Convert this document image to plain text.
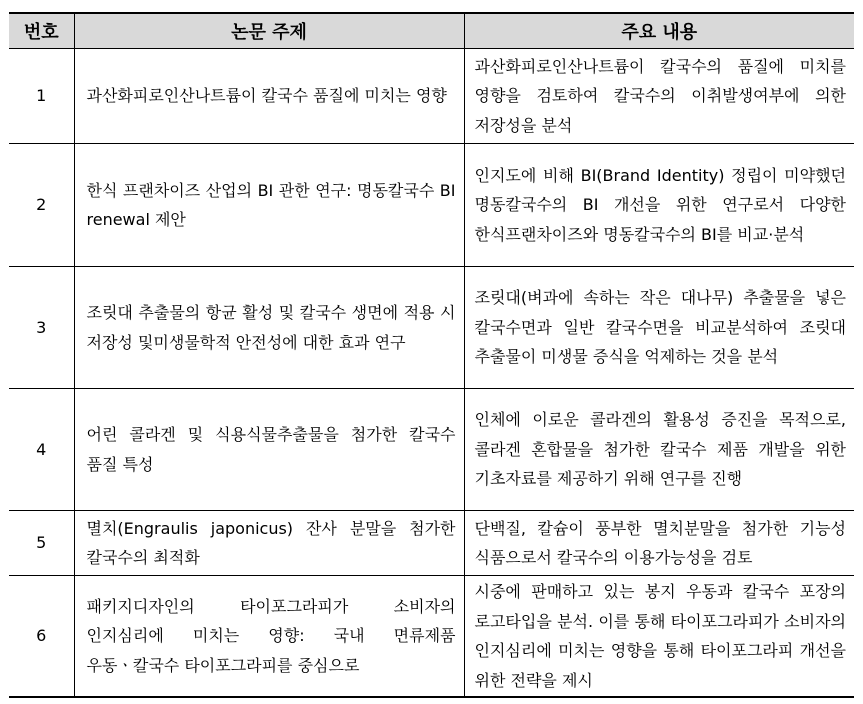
번호	논문 주제	주요 내용
1	과산화피로인산나트륨이 칼국수 품질에 미치는 영향	과산화피로인산나트륨이 칼국수의 품질에 미치를 영향을 검토하여 칼국수의 이취발생여부에 의한 저장성을 분석
2	한식 프랜차이즈 산업의 BI 관한 연구: 명동칼국수 BI renewal 제안	인지도에 비해 BI(Brand Identity) 정립이 미약했던 명동칼국수의 BI 개선을 위한 연구로서 다양한 한식프랜차이즈와 명동칼국수의 BI를 비교·분석
3	조릿대 추출물의 항균 활성 및 칼국수 생면에 적용 시 저장성 및미생물학적 안전성에 대한 효과 연구	조릿대(벼과에 속하는 작은 대나무) 추출물을 넣은 칼국수면과 일반 칼국수면을 비교분석하여 조릿대 추출물이 미생물 증식을 억제하는 것을 분석
4	어린 콜라겐 및 식용식물추출물을 첨가한 칼국수 품질 특성	인체에 이로운 콜라겐의 활용성 증진을 목적으로, 콜라겐 혼합물을 첨가한 칼국수 제품 개발을 위한 기초자료를 제공하기 위해 연구를 진행
5	멸치(Engraulis japonicus) 잔사 분말을 첨가한 칼국수의 최적화	단백질, 칼슘이 풍부한 멸치분말을 첨가한 기능성 식품으로서 칼국수의 이용가능성을 검토
6	패키지디자인의 타이포그라피가 소비자의 인지심리에 미치는 영향: 국내 면류제품 우동ㆍ칼국수 타이포그라피를 중심으로	시중에 판매하고 있는 봉지 우동과 칼국수 포장의 로고타입을 분석. 이를 통해 타이포그라피가 소비자의 인지심리에 미치는 영향을 통해 타이포그라피 개선을 위한 전략을 제시
